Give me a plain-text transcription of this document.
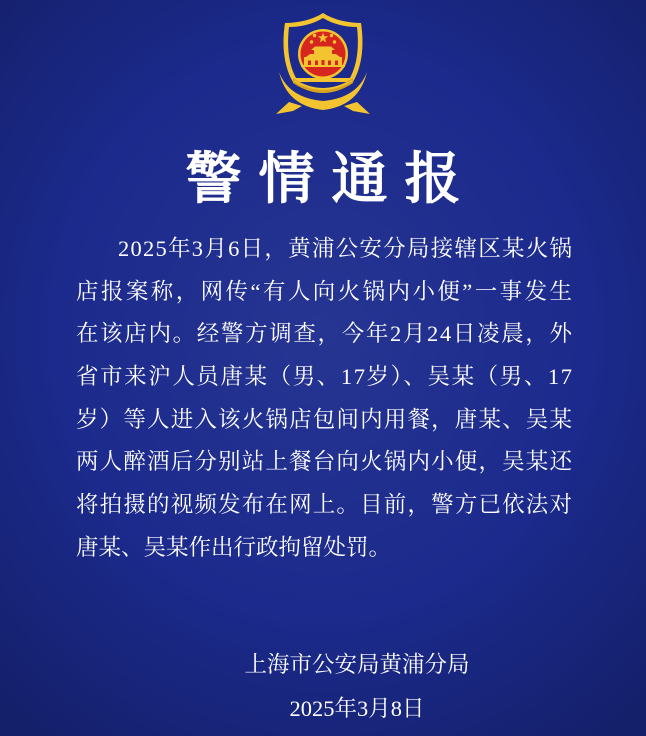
警情通报
2025年3月6日，黄浦公安分局接辖区某火锅
店报案称，网传“有人向火锅内小便”一事发生
在该店内。经警方调查，今年2月24日凌晨，外
省市来沪人员唐某（男、17岁）、吴某（男、17
岁）等人进入该火锅店包间内用餐，唐某、吴某
两人醉酒后分别站上餐台向火锅内小便，吴某还
将拍摄的视频发布在网上。目前，警方已依法对
唐某、吴某作出行政拘留处罚。
上海市公安局黄浦分局
2025年3月8日
